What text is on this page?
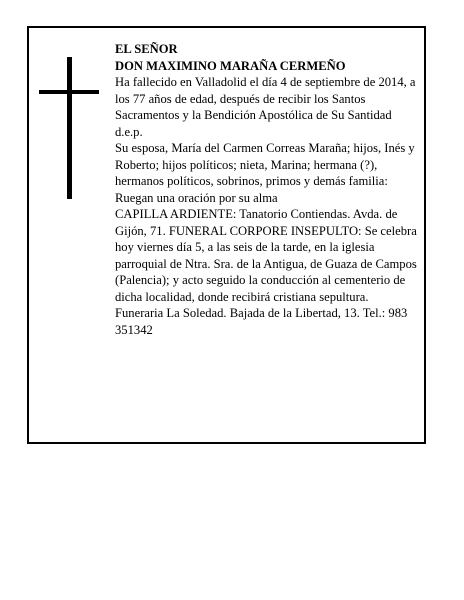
EL SEÑOR

DON MAXIMINO MARAÑA CERMEÑO

Ha fallecido en Valladolid el día 4 de septiembre de 2014, a los 77 años de edad, después de recibir los Santos Sacramentos y la Bendición Apostólica de Su Santidad

d.e.p.

Su esposa, María del Carmen Correas Maraña; hijos, Inés y Roberto; hijos políticos; nieta, Marina; hermana (?), hermanos políticos, sobrinos, primos y demás familia:

Ruegan una oración por su alma

CAPILLA ARDIENTE: Tanatorio Contiendas. Avda. de Gijón, 71. FUNERAL CORPORE INSEPULTO: Se celebra hoy viernes día 5, a las seis de la tarde, en la iglesia parroquial de Ntra. Sra. de la Antigua, de Guaza de Campos (Palencia); y acto seguido la conducción al cementerio de dicha localidad, donde recibirá cristiana sepultura.

Funeraria La Soledad. Bajada de la Libertad, 13. Tel.: 983 351342
